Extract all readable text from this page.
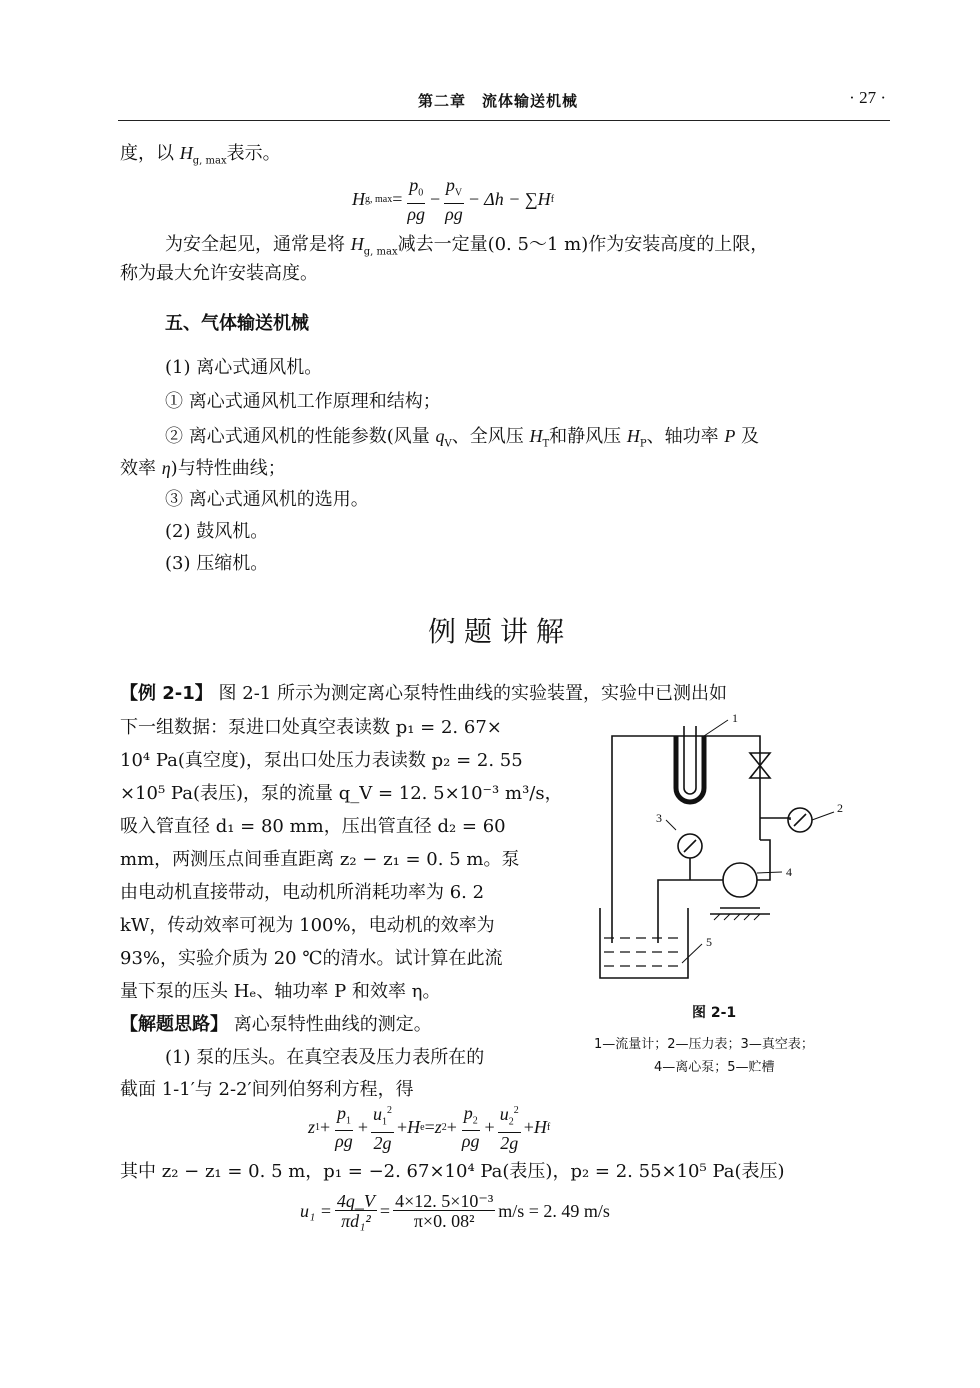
第二章　流体输送机械	· 27 ·
度，以 $H_{g, max}$表示。
H g, $\max = \frac{p_0}{\rho g} - \frac{p_V}{\rho g} - \Delta h - \sum H$ f
为安全起见，通常是将 $H_{g, max}$减去一定量(0. 5～1 m)作为安装高度的上限，
称为最大允许安装高度。
五、气体输送机械
(1) 离心式通风机。
① 离心式通风机工作原理和结构；
② 离心式通风机的性能参数(风量 $q_V$、全风压 $H_T$和静风压 $H_P$、轴功率 P 及
效率 η)与特性曲线；
③ 离心式通风机的选用。
(2) 鼓风机。
(3) 压缩机。
例题讲解
【例 2-1】 图 2-1 所示为测定离心泵特性曲线的实验装置，实验中已测出如
下一组数据：泵进口处真空表读数 p₁ = 2. 67×
10⁴ Pa(真空度)，泵出口处压力表读数 p₂ = 2. 55
×10⁵ Pa(表压)，泵的流量 q_V = 12. 5×10⁻³ m³/s，
吸入管直径 d₁ = 80 mm，压出管直径 d₂ = 60
mm，两测压点间垂直距离 z₂ − z₁ = 0. 5 m。泵
由电动机直接带动，电动机所消耗功率为 6. 2
kW，传动效率可视为 100%，电动机的效率为
93%，实验介质为 20 ℃的清水。试计算在此流
量下泵的压头 Hₑ、轴功率 P 和效率 η。
【解题思路】 离心泵特性曲线的测定。
(1) 泵的压头。在真空表及压力表所在的
截面 1-1′与 2-2′间列伯努利方程，得
1
2
3
4
5
图 2-1
1—流量计；2—压力表；3—真空表；
4—离心泵；5—贮槽
z $1 + \frac{p_1}{\rho g} + \frac{u_1^2}{2g} + H$ e = z $2 + \frac{p_2}{\rho g} + \frac{u_2^2}{2g} + H$ f
其中 z₂ − z₁ = 0. 5 m，p₁ = −2. 67×10⁴ Pa(表压)，p₂ = 2. 55×10⁵ Pa(表压)
$u_1 = \frac{4q\_V}{\text{πd₁²}} = \frac{\text{4×12. 5×10⁻³}}{\text{π×0. 08²}} m/s = 2$. 49 m/s
